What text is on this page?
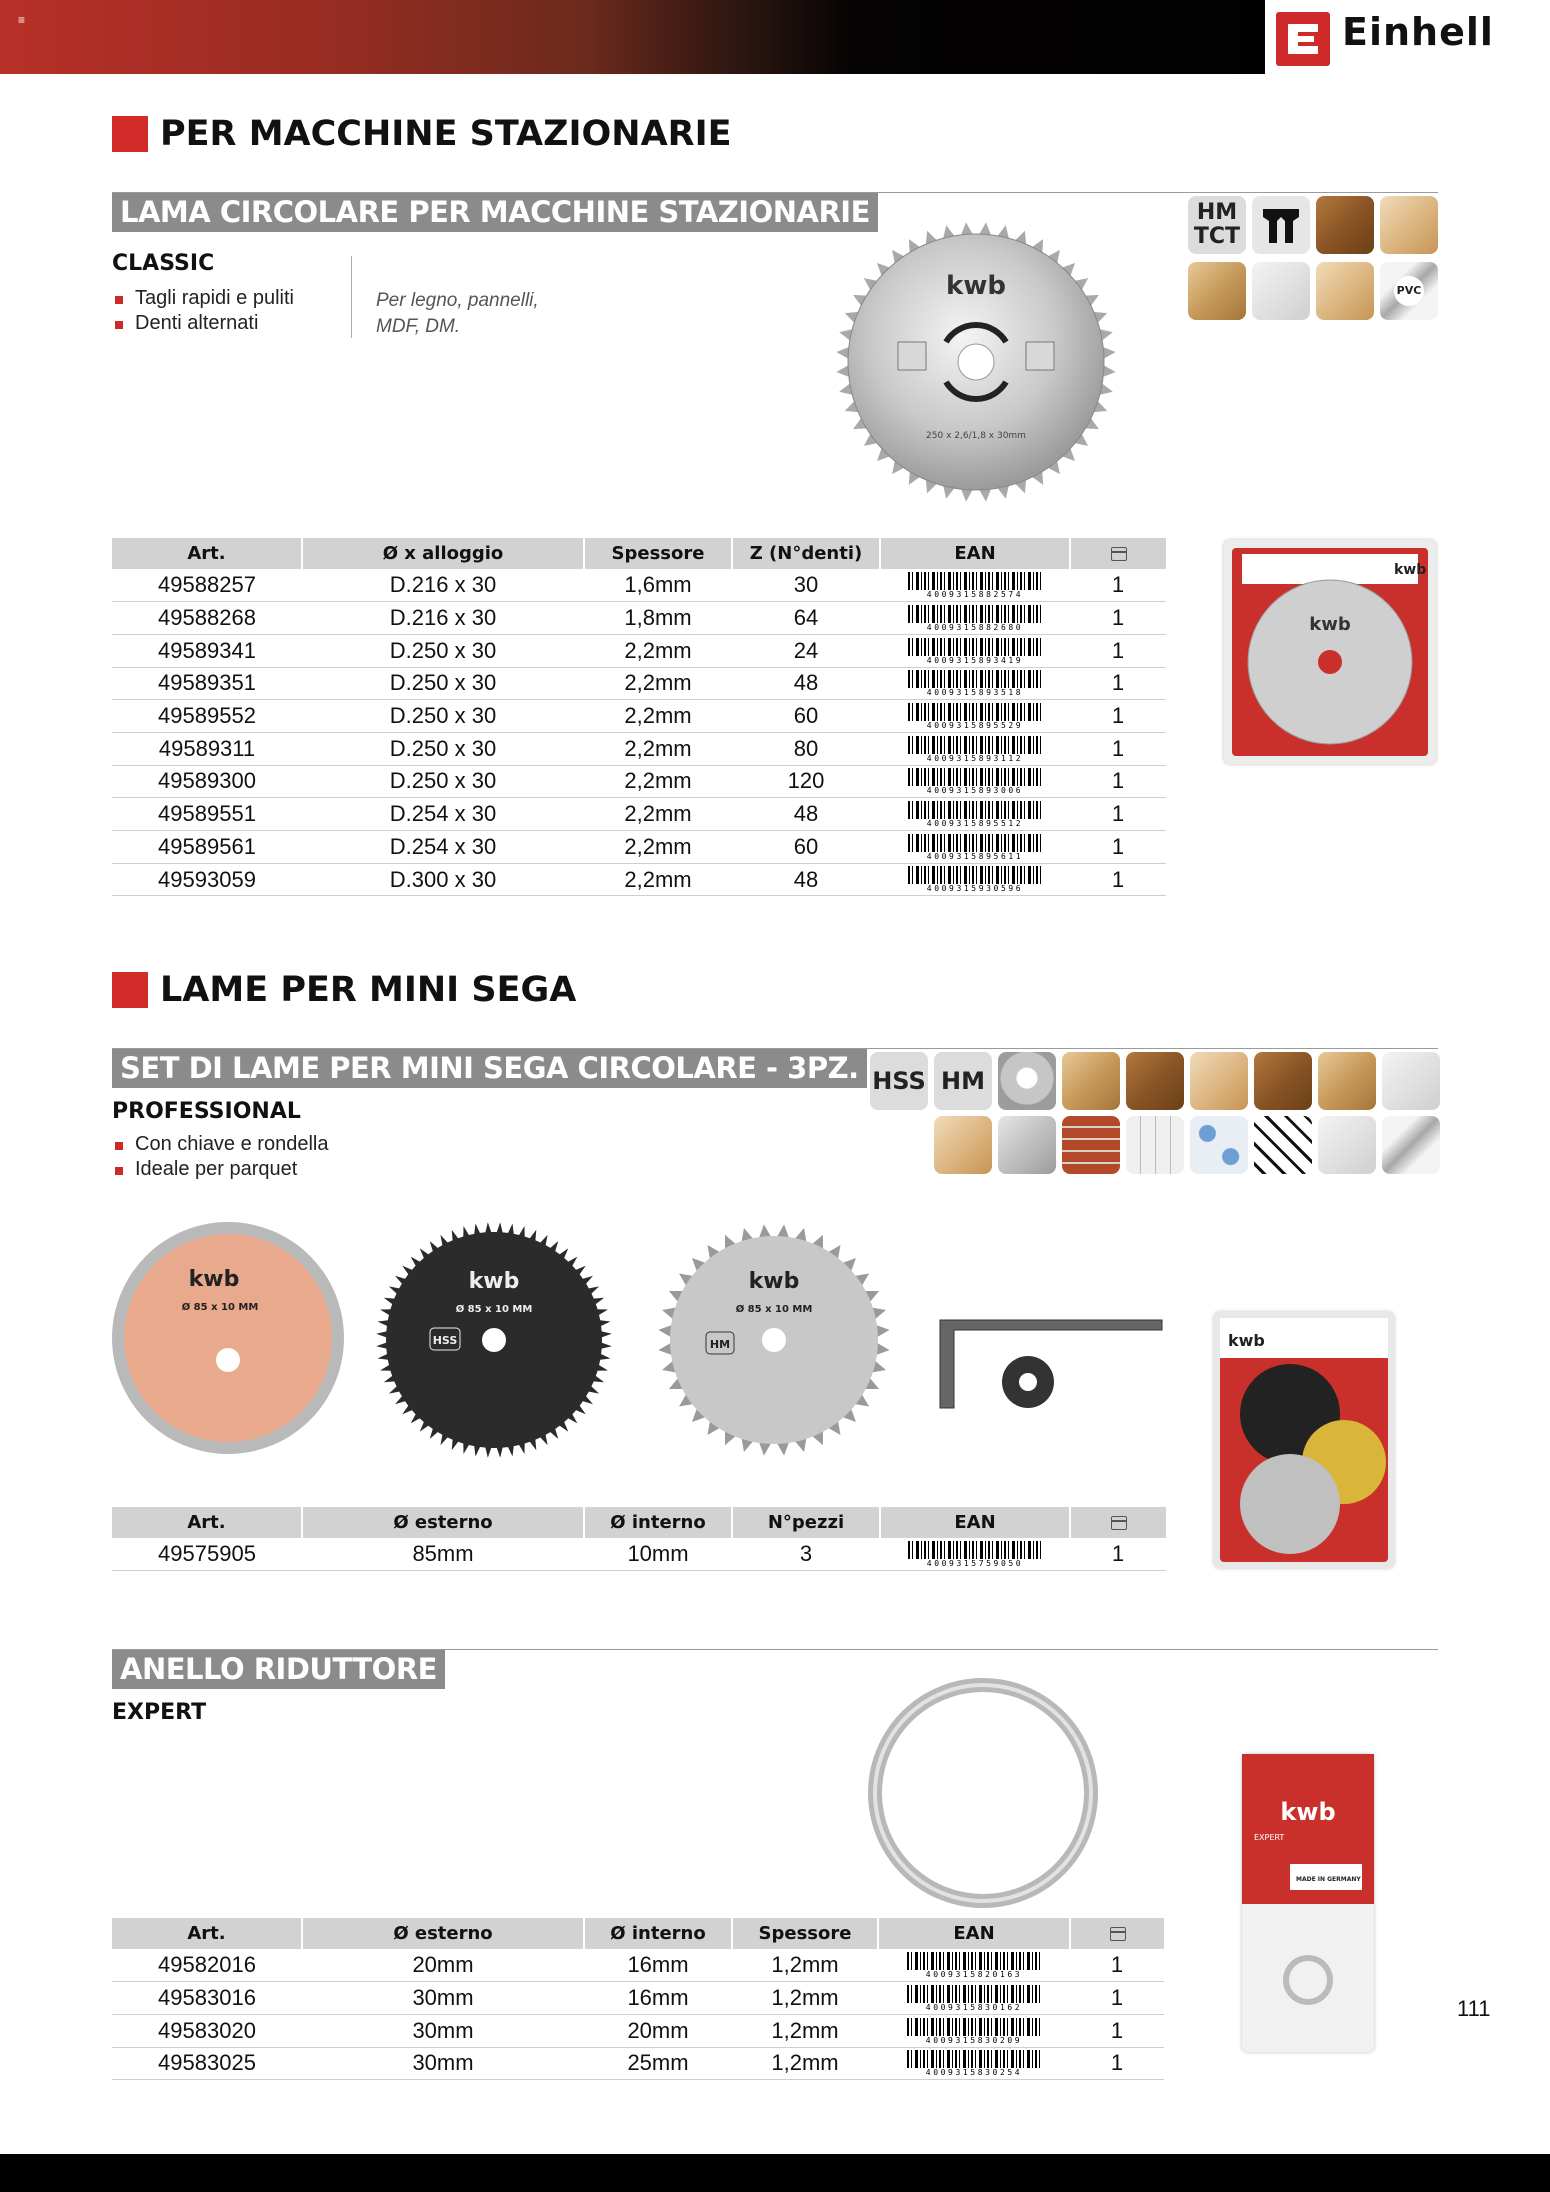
≡	Einhell
PER MACCHINE STAZIONARIE
LAMA CIRCOLARE PER MACCHINE STAZIONARIE
CLASSIC
Tagli rapidi e puliti
Denti alternati
Per legno, pannelli,
MDF, DM.
kwb
250 x 2,6/1,8 x 30mm
HM
TCT
PVC
Art.	Ø x alloggio	Spessore	Z (N°denti)	EAN	
49588257	D.216 x 30	1,6mm	30	4009315882574	1
49588268	D.216 x 30	1,8mm	64	4009315882680	1
49589341	D.250 x 30	2,2mm	24	4009315893419	1
49589351	D.250 x 30	2,2mm	48	4009315893518	1
49589552	D.250 x 30	2,2mm	60	4009315895529	1
49589311	D.250 x 30	2,2mm	80	4009315893112	1
49589300	D.250 x 30	2,2mm	120	4009315893006	1
49589551	D.254 x 30	2,2mm	48	4009315895512	1
49589561	D.254 x 30	2,2mm	60	4009315895611	1
49593059	D.300 x 30	2,2mm	48	4009315930596	1
kwb
kwb
LAME PER MINI SEGA
SET DI LAME PER MINI SEGA CIRCOLARE - 3PZ.
PROFESSIONAL
Con chiave e rondella
Ideale per parquet
HSS HM
kwb
Ø 85 x 10 MM
kwb
Ø 85 x 10 MM
HSS
kwb
Ø 85 x 10 MM
HM
Art.	Ø esterno	Ø interno	N°pezzi	EAN	
49575905	85mm	10mm	3	4009315759050	1
kwb
ANELLO RIDUTTORE
EXPERT
kwb
EXPERT
MADE IN GERMANY
Art.	Ø esterno	Ø interno	Spessore	EAN	
49582016	20mm	16mm	1,2mm	4009315820163	1
49583016	30mm	16mm	1,2mm	4009315830162	1
49583020	30mm	20mm	1,2mm	4009315830209	1
49583025	30mm	25mm	1,2mm	4009315830254	1
111
